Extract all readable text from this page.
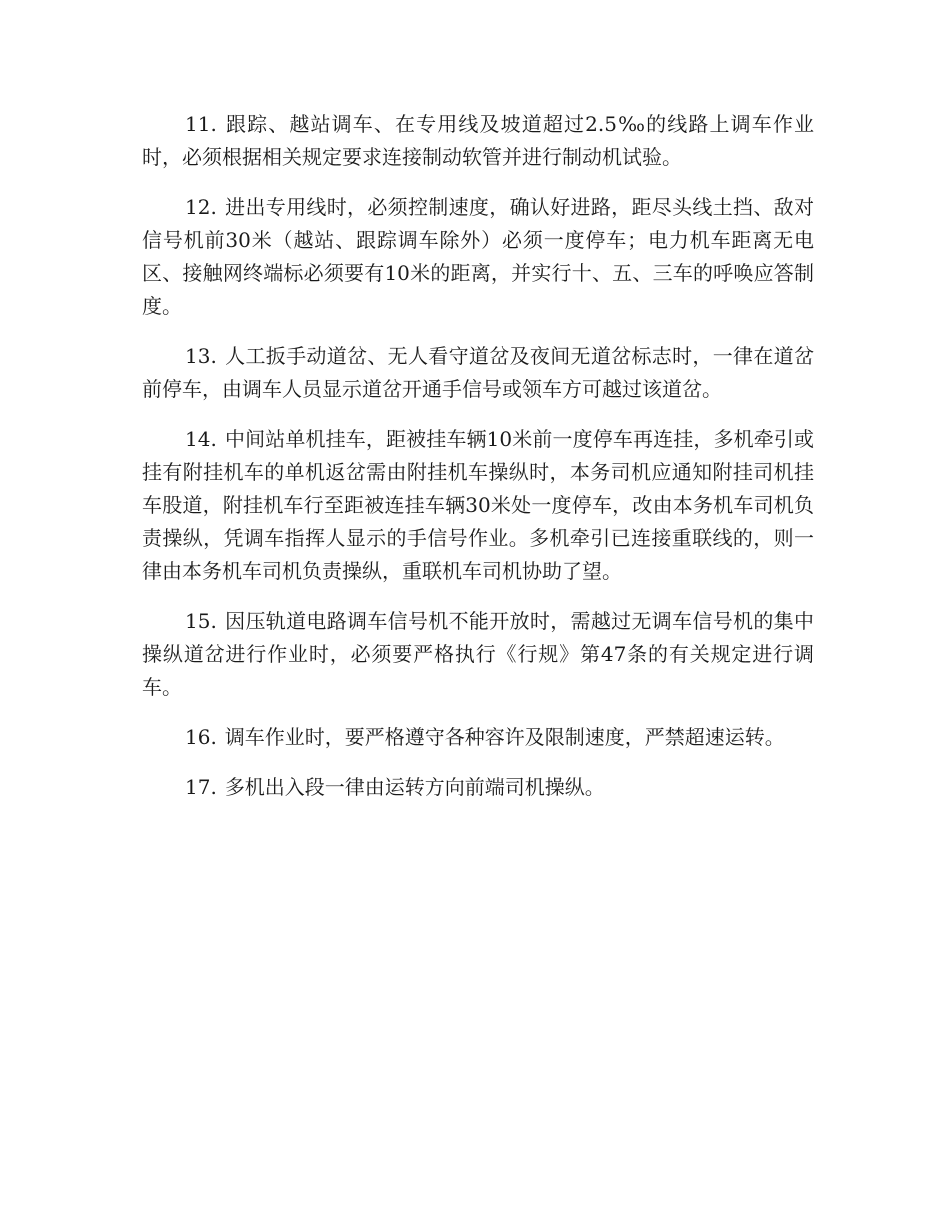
11. 跟踪、越站调车、在专用线及坡道超过2.5‰的线路上调车作业时，必须根据相关规定要求连接制动软管并进行制动机试验。

12. 进出专用线时，必须控制速度，确认好进路，距尽头线土挡、敌对信号机前30米（越站、跟踪调车除外）必须一度停车；电力机车距离无电区、接触网终端标必须要有10米的距离，并实行十、五、三车的呼唤应答制度。

13. 人工扳手动道岔、无人看守道岔及夜间无道岔标志时，一律在道岔前停车，由调车人员显示道岔开通手信号或领车方可越过该道岔。

14. 中间站单机挂车，距被挂车辆10米前一度停车再连挂，多机牵引或挂有附挂机车的单机返岔需由附挂机车操纵时，本务司机应通知附挂司机挂车股道，附挂机车行至距被连挂车辆30米处一度停车，改由本务机车司机负责操纵，凭调车指挥人显示的手信号作业。多机牵引已连接重联线的，则一律由本务机车司机负责操纵，重联机车司机协助了望。

15. 因压轨道电路调车信号机不能开放时，需越过无调车信号机的集中操纵道岔进行作业时，必须要严格执行《行规》第47条的有关规定进行调车。

16. 调车作业时，要严格遵守各种容许及限制速度，严禁超速运转。

17. 多机出入段一律由运转方向前端司机操纵。
